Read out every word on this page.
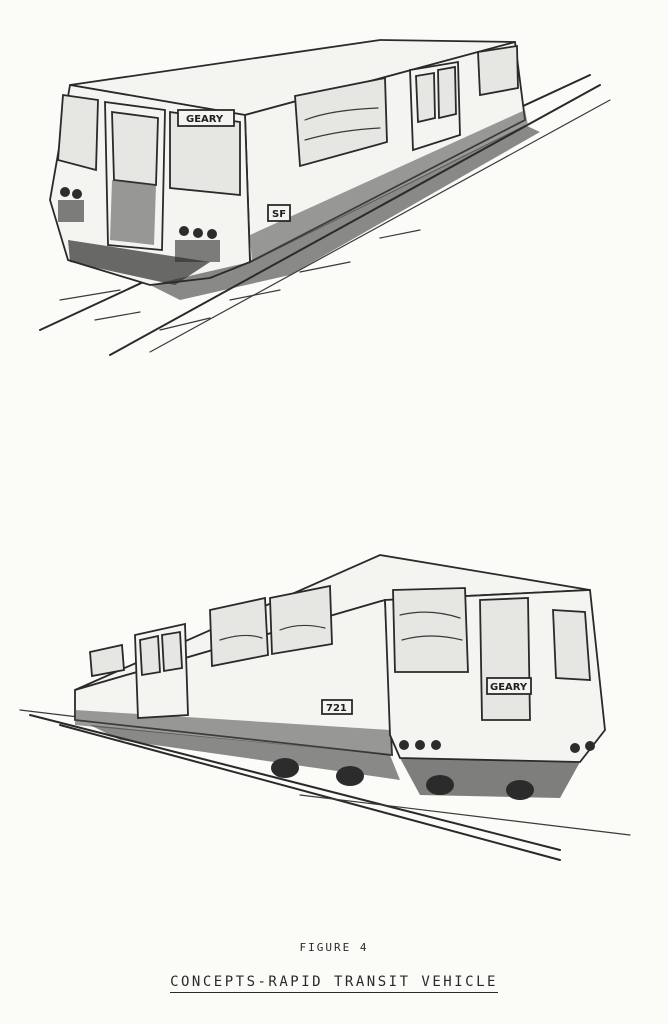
GEARY
SF
GEARY
721
FIGURE 4
CONCEPTS-RAPID TRANSIT VEHICLE
